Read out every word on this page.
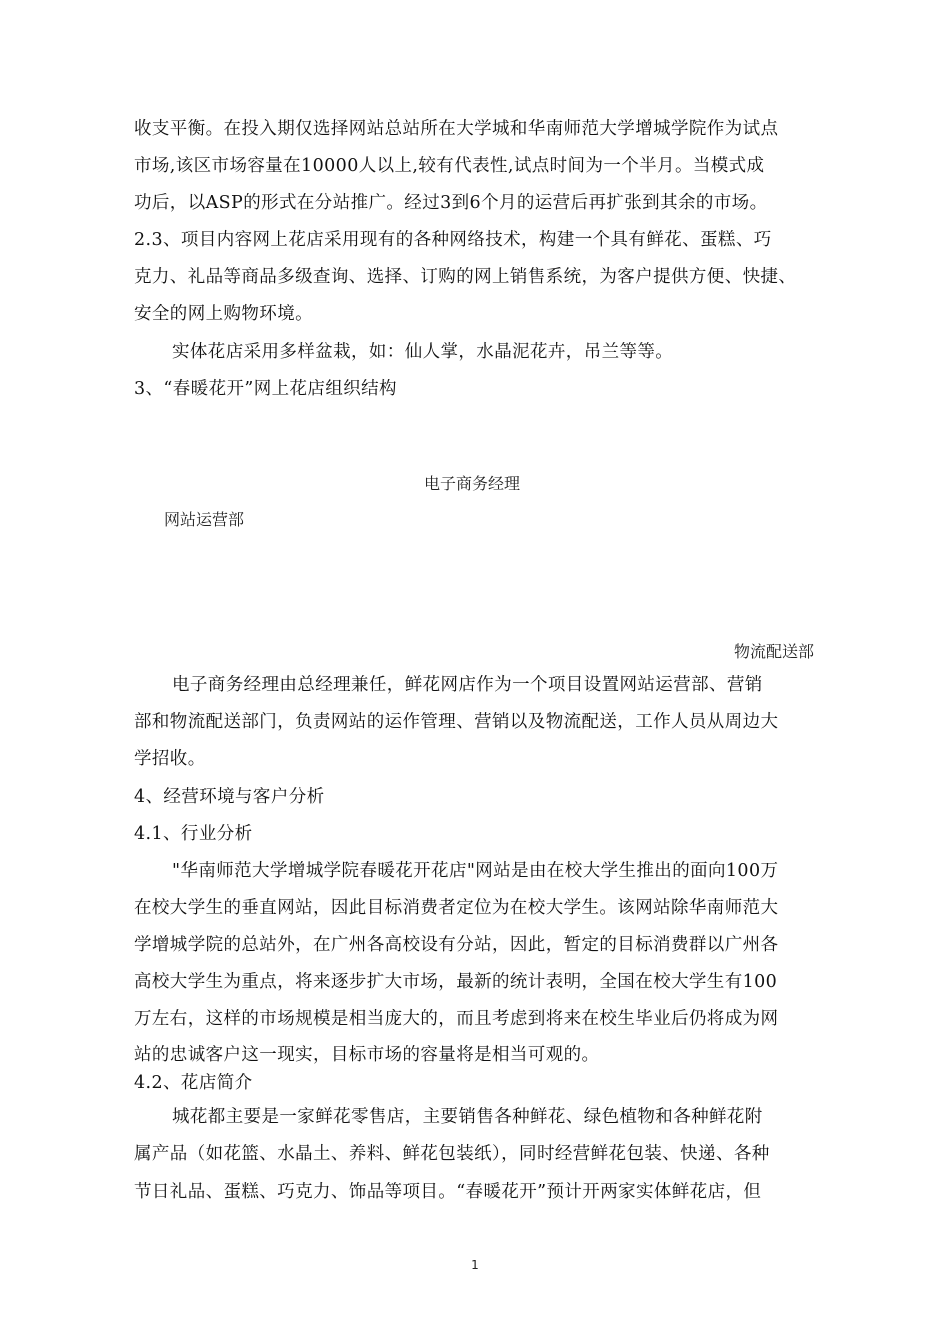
收支平衡。在投入期仅选择网站总站所在大学城和华南师范大学增城学院作为试点
市场,该区市场容量在10000人以上,较有代表性,试点时间为一个半月。当模式成
功后，以ASP的形式在分站推广。经过3到6个月的运营后再扩张到其余的市场。
2.3、项目内容网上花店采用现有的各种网络技术，构建一个具有鲜花、蛋糕、巧
克力、礼品等商品多级查询、选择、订购的网上销售系统，为客户提供方便、快捷、
安全的网上购物环境。
实体花店采用多样盆栽，如：仙人掌，水晶泥花卉，吊兰等等。
3、“春暖花开”网上花店组织结构
电子商务经理
网站运营部
物流配送部
电子商务经理由总经理兼任，鲜花网店作为一个项目设置网站运营部、营销
部和物流配送部门，负责网站的运作管理、营销以及物流配送，工作人员从周边大
学招收。
4、经营环境与客户分析
4.1、行业分析
"华南师范大学增城学院春暖花开花店"网站是由在校大学生推出的面向100万
在校大学生的垂直网站，因此目标消费者定位为在校大学生。该网站除华南师范大
学增城学院的总站外，在广州各高校设有分站，因此，暂定的目标消费群以广州各
高校大学生为重点，将来逐步扩大市场，最新的统计表明，全国在校大学生有100
万左右，这样的市场规模是相当庞大的，而且考虑到将来在校生毕业后仍将成为网
站的忠诚客户这一现实，目标市场的容量将是相当可观的。
4.2、花店简介
城花都主要是一家鲜花零售店，主要销售各种鲜花、绿色植物和各种鲜花附
属产品（如花篮、水晶土、养料、鲜花包装纸），同时经营鲜花包装、快递、各种
节日礼品、蛋糕、巧克力、饰品等项目。“春暖花开”预计开两家实体鲜花店，但
1
